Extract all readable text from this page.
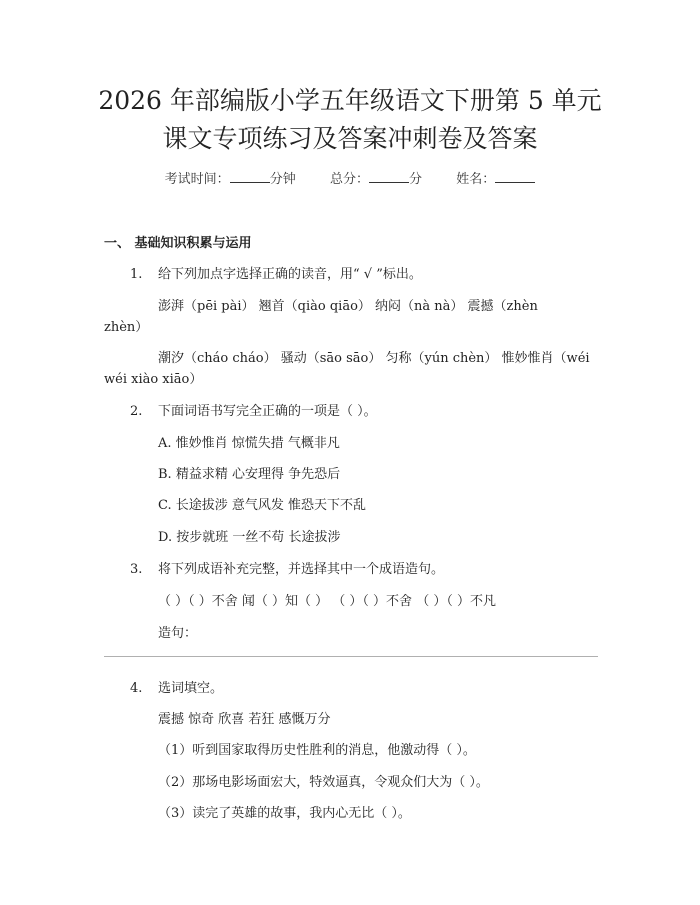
2026 年部编版小学五年级语文下册第 5 单元
课文专项练习及答案冲刺卷及答案
考试时间：	分钟	总分：	分	姓名：
一、 基础知识积累与运用
1. 给下列加点字选择正确的读音，用“ √ ”标出。
澎湃（pēi pài） 翘首（qiào qiāo） 纳闷（nà nà） 震撼（zhèn
zhèn）
潮汐（cháo cháo） 骚动（sāo sāo） 匀称（yún chèn） 惟妙惟肖（wéi
wéi xiào xiāo）
2. 下面词语书写完全正确的一项是（ ）。
A. 惟妙惟肖 惊慌失措 气概非凡
B. 精益求精 心安理得 争先恐后
C. 长途拔涉 意气风发 惟恐天下不乱
D. 按步就班 一丝不苟 长途拔涉
3. 将下列成语补充完整，并选择其中一个成语造句。
（ ）（ ）不舍 闻（ ）知（ ） （ ）（ ）不舍 （ ）（ ）不凡
造句：
4. 选词填空。
震撼 惊奇 欣喜 若狂 感慨万分
（1）听到国家取得历史性胜利的消息，他激动得（ ）。
（2）那场电影场面宏大，特效逼真，令观众们大为（ ）。
（3）读完了英雄的故事，我内心无比（ ）。
